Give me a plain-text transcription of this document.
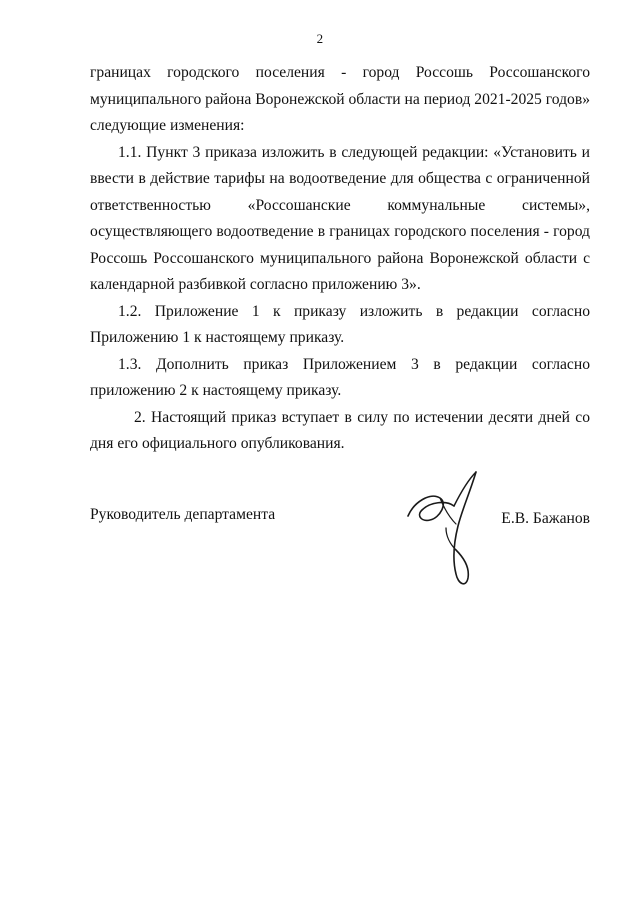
2

границах городского поселения - город Россошь Россошанского муниципального района Воронежской области на период 2021-2025 годов» следующие изменения:

1.1. Пункт 3 приказа изложить в следующей редакции: «Установить и ввести в действие тарифы на водоотведение для общества с ограниченной ответственностью «Россошанские коммунальные системы», осуществляющего водоотведение в границах городского поселения - город Россошь Россошанского муниципального района Воронежской области с календарной разбивкой согласно приложению 3».

1.2. Приложение 1 к приказу изложить в редакции согласно Приложению 1 к настоящему приказу.

1.3. Дополнить приказ Приложением 3 в редакции согласно приложению 2 к настоящему приказу.

2. Настоящий приказ вступает в силу по истечении десяти дней со дня его официального опубликования.

Руководитель департамента	Е.В. Бажанов
